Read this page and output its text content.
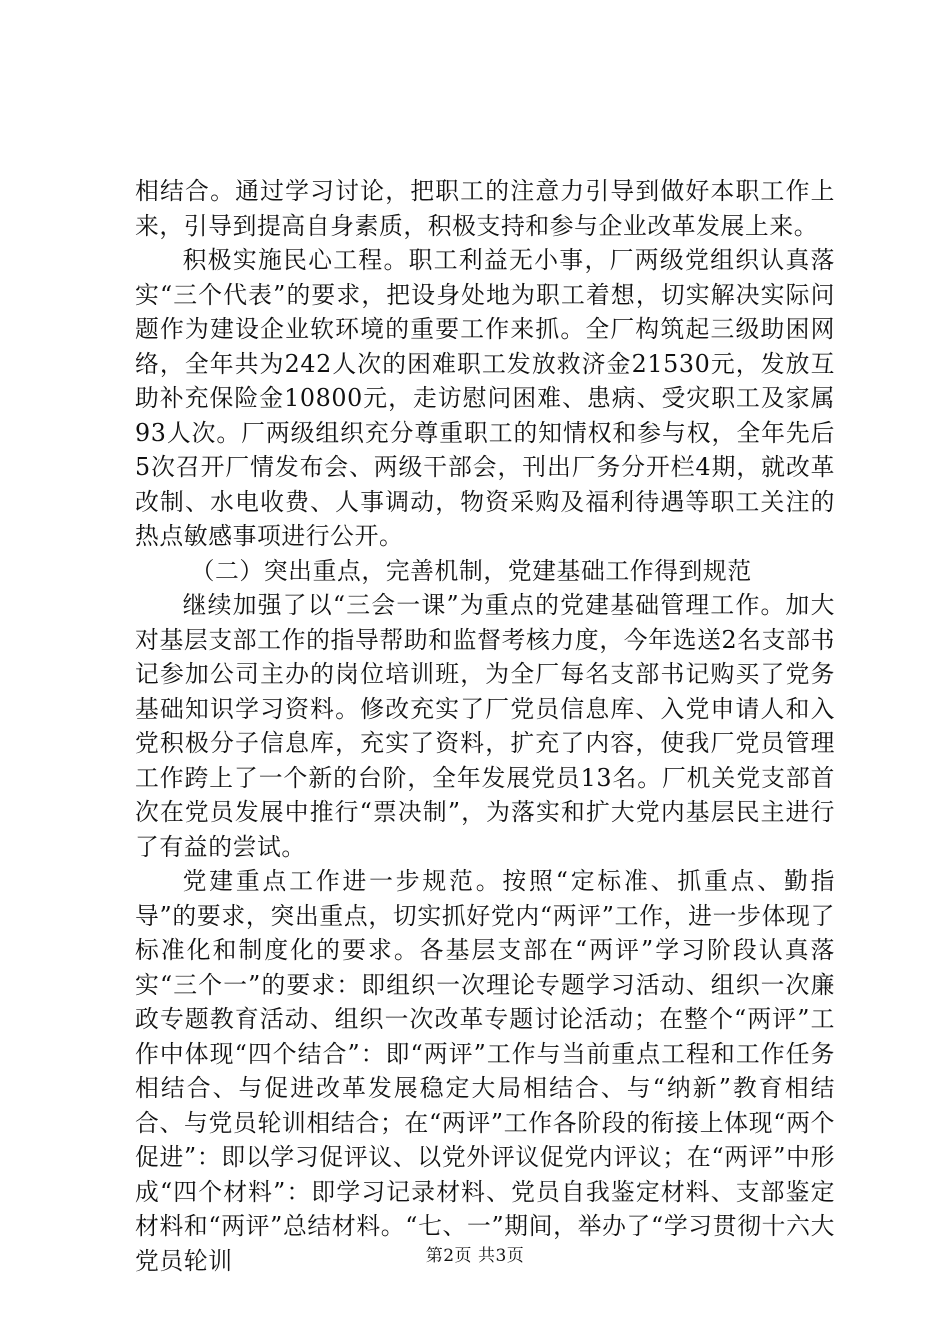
相结合。通过学习讨论，把职工的注意力引导到做好本职工作上来，引导到提高自身素质，积极支持和参与企业改革发展上来。

积极实施民心工程。职工利益无小事，厂两级党组织认真落实“三个代表”的要求，把设身处地为职工着想，切实解决实际问题作为建设企业软环境的重要工作来抓。全厂构筑起三级助困网络，全年共为242人次的困难职工发放救济金21530元，发放互助补充保险金10800元，走访慰问困难、患病、受灾职工及家属93人次。厂两级组织充分尊重职工的知情权和参与权，全年先后5次召开厂情发布会、两级干部会，刊出厂务分开栏4期，就改革改制、水电收费、人事调动，物资采购及福利待遇等职工关注的热点敏感事项进行公开。

（二）突出重点，完善机制，党建基础工作得到规范

继续加强了以“三会一课”为重点的党建基础管理工作。加大对基层支部工作的指导帮助和监督考核力度，今年选送2名支部书记参加公司主办的岗位培训班，为全厂每名支部书记购买了党务基础知识学习资料。修改充实了厂党员信息库、入党申请人和入党积极分子信息库，充实了资料，扩充了内容，使我厂党员管理工作跨上了一个新的台阶，全年发展党员13名。厂机关党支部首次在党员发展中推行“票决制”，为落实和扩大党内基层民主进行了有益的尝试。

党建重点工作进一步规范。按照“定标准、抓重点、勤指导”的要求，突出重点，切实抓好党内“两评”工作，进一步体现了标准化和制度化的要求。各基层支部在“两评”学习阶段认真落实“三个一”的要求：即组织一次理论专题学习活动、组织一次廉政专题教育活动、组织一次改革专题讨论活动；在整个“两评”工作中体现“四个结合”：即“两评”工作与当前重点工程和工作任务相结合、与促进改革发展稳定大局相结合、与“纳新”教育相结合、与党员轮训相结合；在“两评”工作各阶段的衔接上体现“两个促进”：即以学习促评议、以党外评议促党内评议；在“两评”中形成“四个材料”：即学习记录材料、党员自我鉴定材料、支部鉴定材料和“两评”总结材料。“七、一”期间，举办了“学习贯彻十六大党员轮训	第2页 共3页
